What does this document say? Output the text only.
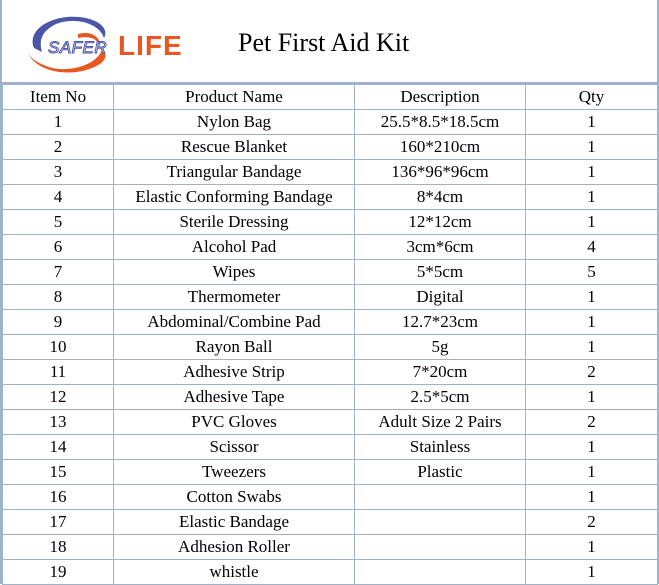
SAFER LIFE Pet First Aid Kit
Item No	Product Name	Description	Qty
1	Nylon Bag	25.5*8.5*18.5cm	1
2	Rescue Blanket	160*210cm	1
3	Triangular Bandage	136*96*96cm	1
4	Elastic Conforming Bandage	8*4cm	1
5	Sterile Dressing	12*12cm	1
6	Alcohol Pad	3cm*6cm	4
7	Wipes	5*5cm	5
8	Thermometer	Digital	1
9	Abdominal/Combine Pad	12.7*23cm	1
10	Rayon Ball	5g	1
11	Adhesive Strip	7*20cm	2
12	Adhesive Tape	2.5*5cm	1
13	PVC Gloves	Adult Size 2 Pairs	2
14	Scissor	Stainless	1
15	Tweezers	Plastic	1
16	Cotton Swabs		1
17	Elastic Bandage		2
18	Adhesion Roller		1
19	whistle		1
